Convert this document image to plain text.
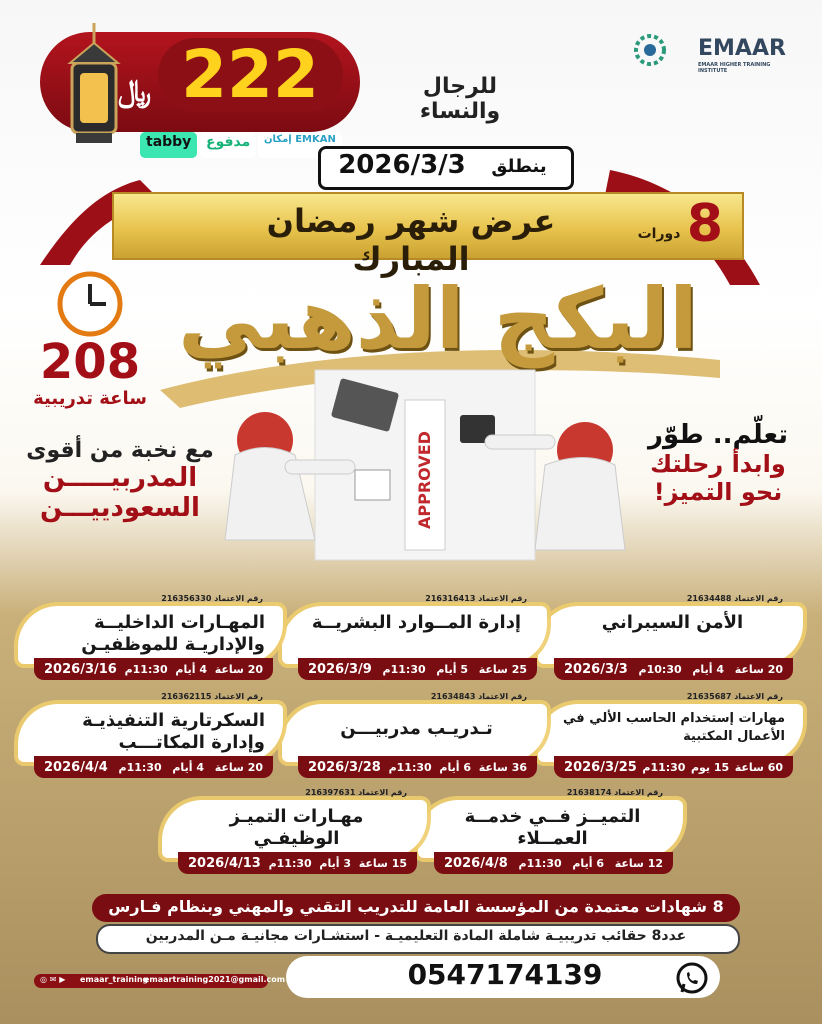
222
﷼	للرجال والنساء
tabby	مدفوع	إمكان EMKAN
EMAAR
EMAAR HIGHER TRAINING INSTITUTE
2026/3/3	ينطلق
عرض شهر رمضان المبارك
8
دورات
البكج الذهبي
208
ساعة تدريبية
مع نخبة من أقوى
المدربيـــــن
السعودييـــن
تعلّم.. طوّر
وابدأ رحلتك
نحو التميز!
APPROVED
رقم الاعتماد 21634488
الأمن السيبراني
20 ساعة
4 أيام
10:30م
2026/3/3
رقم الاعتماد 216316413
إدارة المــوارد البشريــة
25 ساعة
5 أيام
11:30م
2026/3/9
رقم الاعتماد 216356330
المهـارات الداخليــة والإداريـة للموظفيـن
20 ساعة
4 أيام
11:30م
2026/3/16
رقم الاعتماد 21635687
مهارات إستخدام الحاسب الألي في الأعمال المكتبية
60 ساعة
15 يوم
11:30م
2026/3/25
رقم الاعتماد 21634843
تـدريـب مدربيـــن
36 ساعة
6 أيام
11:30م
2026/3/28
رقم الاعتماد 216362115
السكرتارية التنفيذيـة وإدارة المكاتـــب
20 ساعة
4 أيام
11:30م
2026/4/4
رقم الاعتماد 21638174
التميــز فــي خدمــة العمــلاء
12 ساعة
6 أيام
11:30م
2026/4/8
رقم الاعتماد 216397631
مهـارات التميـز الوظيفـي
15 ساعة
3 أيام
11:30م
2026/4/13
8 شهادات معتمدة من المؤسسة العامة للتدريب التقني والمهني وبنظام فـارس
عدد8 حقائب تدريبيـة شاملة المادة التعليميـة - استشـارات مجانيـة مـن المدربين
◎ ✉ ▶ emaar_training
emaartraining2021@gmail.com	0547174139
